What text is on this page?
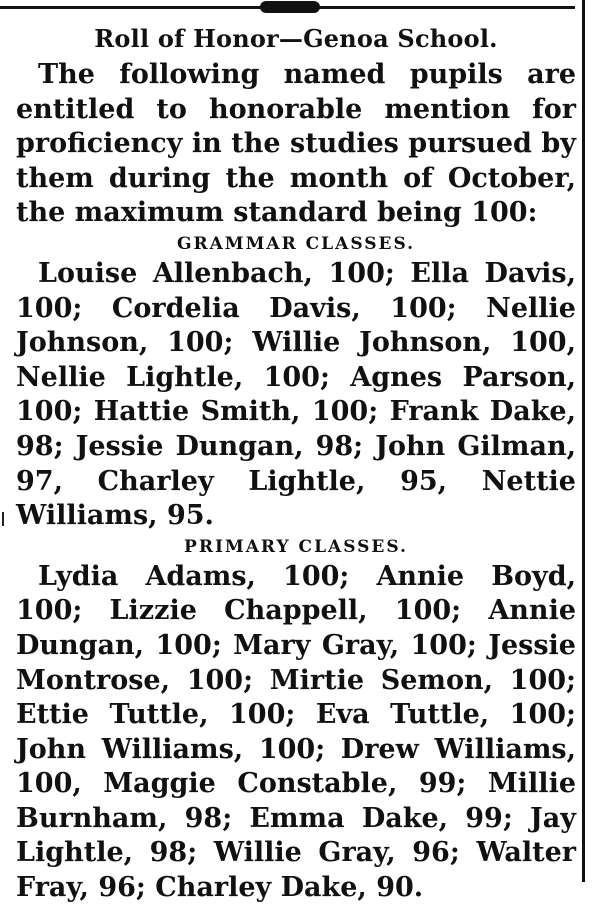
Roll of Honor—Genoa School.

The following named pupils are entitled to honorable mention for proficiency in the studies pursued by them during the month of October, the maximum standard being 100:

GRAMMAR CLASSES.

Louise Allenbach, 100; Ella Davis, 100; Cordelia Davis, 100; Nellie Johnson, 100; Willie Johnson, 100, Nellie Lightle, 100; Agnes Parson, 100; Hattie Smith, 100; Frank Dake, 98; Jessie Dungan, 98; John Gilman, 97, Charley Lightle, 95, Nettie Williams, 95.

PRIMARY CLASSES.

Lydia Adams, 100; Annie Boyd, 100; Lizzie Chappell, 100; Annie Dungan, 100; Mary Gray, 100; Jessie Montrose, 100; Mirtie Semon, 100; Ettie Tuttle, 100; Eva Tuttle, 100; John Williams, 100; Drew Williams, 100, Maggie Constable, 99; Millie Burnham, 98; Emma Dake, 99; Jay Lightle, 98; Willie Gray, 96; Walter Fray, 96; Charley Dake, 90.
